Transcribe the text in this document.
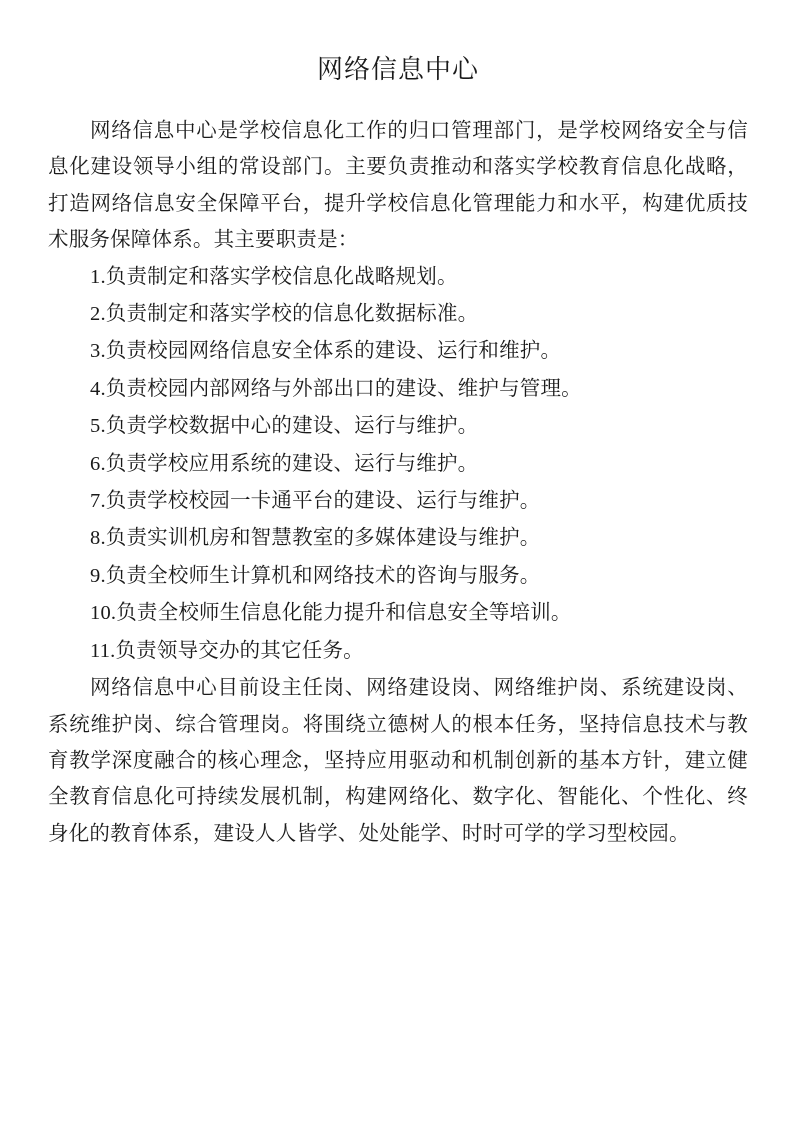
网络信息中心

网络信息中心是学校信息化工作的归口管理部门，是学校网络安全与信息化建设领导小组的常设部门。主要负责推动和落实学校教育信息化战略，打造网络信息安全保障平台，提升学校信息化管理能力和水平，构建优质技术服务保障体系。其主要职责是：

1.负责制定和落实学校信息化战略规划。

2.负责制定和落实学校的信息化数据标准。

3.负责校园网络信息安全体系的建设、运行和维护。

4.负责校园内部网络与外部出口的建设、维护与管理。

5.负责学校数据中心的建设、运行与维护。

6.负责学校应用系统的建设、运行与维护。

7.负责学校校园一卡通平台的建设、运行与维护。

8.负责实训机房和智慧教室的多媒体建设与维护。

9.负责全校师生计算机和网络技术的咨询与服务。

10.负责全校师生信息化能力提升和信息安全等培训。

11.负责领导交办的其它任务。

网络信息中心目前设主任岗、网络建设岗、网络维护岗、系统建设岗、系统维护岗、综合管理岗。将围绕立德树人的根本任务，坚持信息技术与教育教学深度融合的核心理念，坚持应用驱动和机制创新的基本方针，建立健全教育信息化可持续发展机制，构建网络化、数字化、智能化、个性化、终身化的教育体系，建设人人皆学、处处能学、时时可学的学习型校园。
